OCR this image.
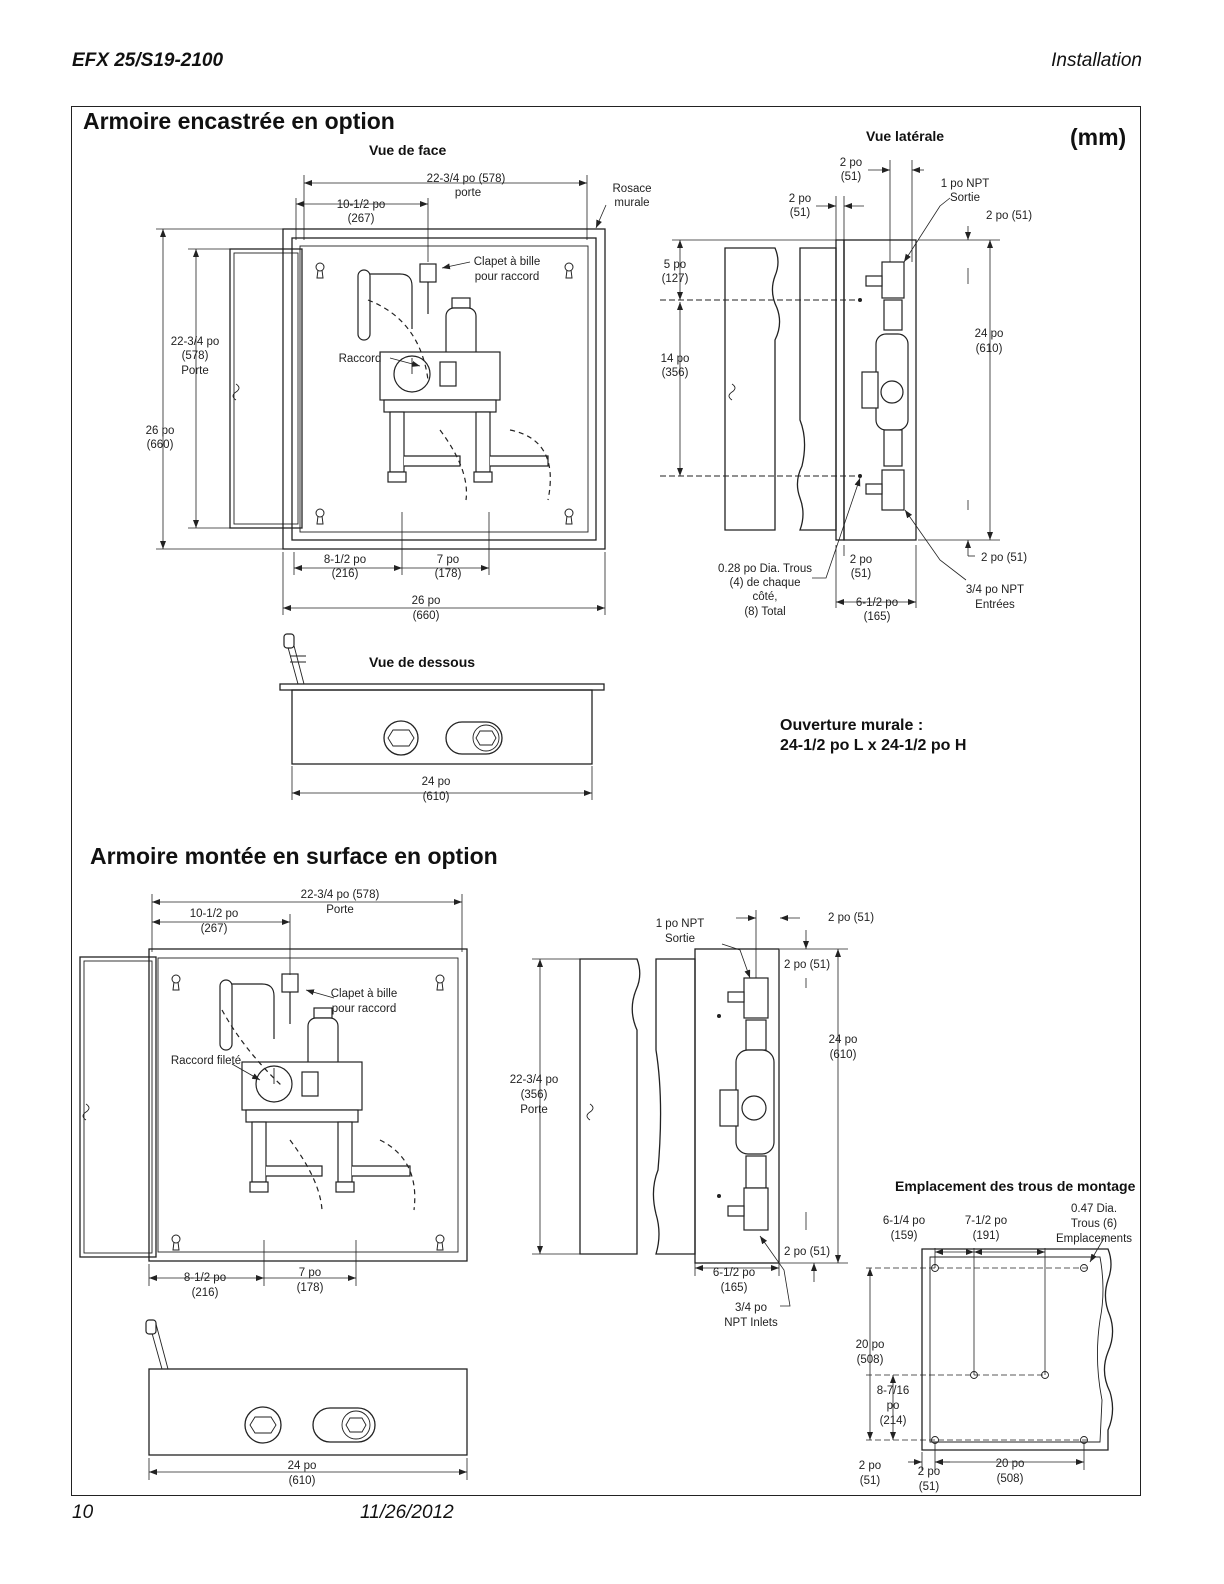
EFX 25/S19-2100	Installation
10	11/26/2012
Armoire encastrée en option
(mm)
Vue de face
Vue latérale
Vue de dessous
Ouverture murale :
24-1/2 po L x 24-1/2 po H
Armoire montée en surface en option
Emplacement des trous de montage
22-3/4 po (578)
porte
10-1/2 po
(267)
Rosace
murale
Clapet à bille
pour raccord
Raccord
22-3/4 po
(578)
Porte
26 po
(660)
8-1/2 po
(216)
7 po
(178)
26 po
(660)
2 po
(51)
2 po
(51)
1 po NPT
Sortie
2 po (51)
5 po
(127)
14 po
(356)
24 po
(610)
2 po (51)
0.28 po Dia. Trous
(4) de chaque
côté,
(8) Total
2 po
(51)
6-1/2 po
(165)
3/4 po NPT
Entrées
24 po
(610)
22-3/4 po (578)
Porte
10-1/2 po
(267)
Clapet à bille
pour raccord
Raccord fileté
8-1/2 po
(216)
7 po
(178)
24 po
(610)
1 po NPT
Sortie
2 po (51)
2 po (51)
24 po
(610)
22-3/4 po
(356)
Porte
2 po (51)
6-1/2 po
(165)
3/4 po
NPT Inlets
6-1/4 po
(159)
7-1/2 po
(191)
0.47 Dia.
Trous (6)
Emplacements
20 po
(508)
8-7/16
po
(214)
2 po
(51)
2 po
(51)
20 po
(508)
